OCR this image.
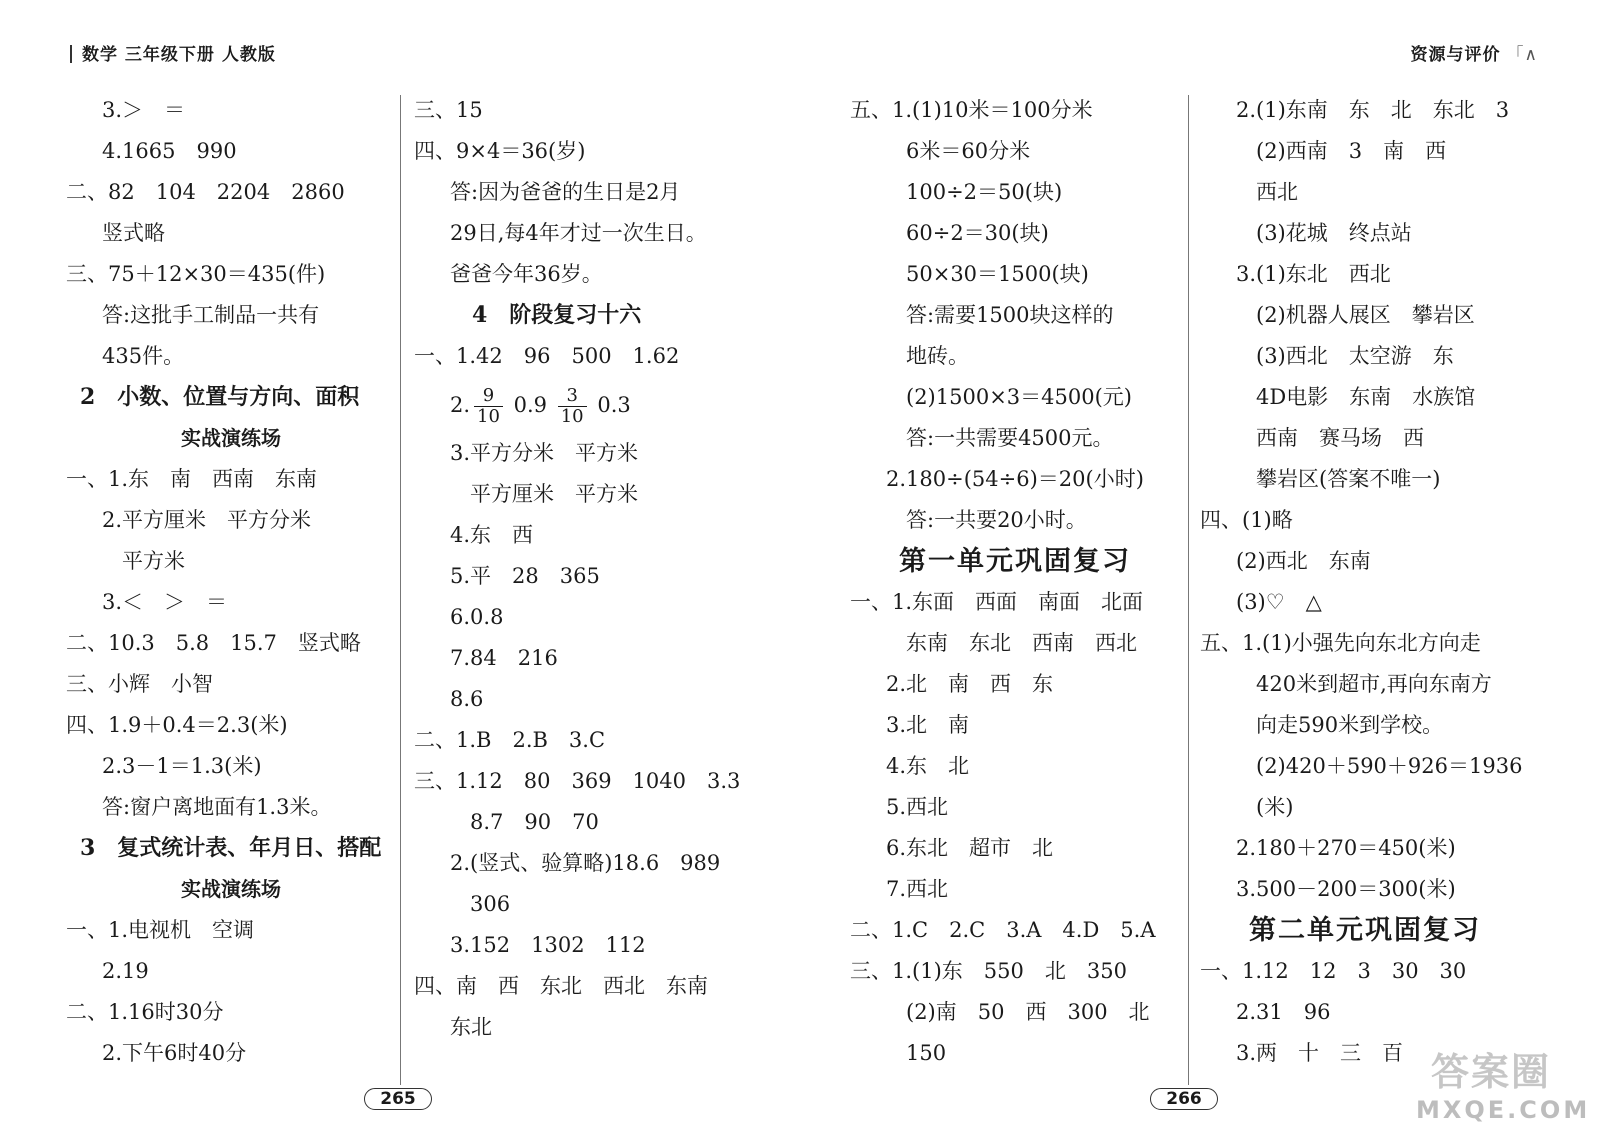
数学 三年级下册 人教版	资源与评价 「∧
3.＞　＝
4.1665　990
二、82　104　2204　2860
竖式略
三、75＋12×30＝435(件)
答:这批手工制品一共有
435件。
2　小数、位置与方向、面积
实战演练场
一、1.东　南　西南　东南
2.平方厘米　平方分米
平方米
3.＜　＞　＝
二、10.3　5.8　15.7　竖式略
三、小辉　小智
四、1.9＋0.4＝2.3(米)
2.3－1＝1.3(米)
答:窗户离地面有1.3米。
3　复式统计表、年月日、搭配
实战演练场
一、1.电视机　空调
2.19
二、1.16时30分
2.下午6时40分
三、15
四、9×4＝36(岁)
答:因为爸爸的生日是2月
29日,每4年才过一次生日。
爸爸今年36岁。
4　阶段复习十六
一、1.42　96　500　1.62
2. $\frac{9}{10} 0.9 \frac{3}{10} 0.3$
3.平方分米　平方米
平方厘米　平方米
4.东　西
5.平　28　365
6.0.8
7.84　216
8.6
二、1.B　2.B　3.C
三、1.12　80　369　1040　3.3
8.7　90　70
2.(竖式、验算略)18.6　989
306
3.152　1302　112
四、南　西　东北　西北　东南
东北
五、1.(1)10米＝100分米
6米＝60分米
100÷2＝50(块)
60÷2＝30(块)
50×30＝1500(块)
答:需要1500块这样的
地砖。
(2)1500×3＝4500(元)
答:一共需要4500元。
2.180÷(54÷6)＝20(小时)
答:一共要20小时。
第一单元巩固复习
一、1.东面　西面　南面　北面
东南　东北　西南　西北
2.北　南　西　东
3.北　南
4.东　北
5.西北
6.东北　超市　北
7.西北
二、1.C　2.C　3.A　4.D　5.A
三、1.(1)东　550　北　350
(2)南　50　西　300　北
150
2.(1)东南　东　北　东北　3
(2)西南　3　南　西
西北
(3)花城　终点站
3.(1)东北　西北
(2)机器人展区　攀岩区
(3)西北　太空游　东
4D电影　东南　水族馆
西南　赛马场　西
攀岩区(答案不唯一)
四、(1)略
(2)西北　东南
(3)♡　△
五、1.(1)小强先向东北方向走
420米到超市,再向东南方
向走590米到学校。
(2)420＋590＋926＝1936
(米)
2.180＋270＝450(米)
3.500－200＝300(米)
第二单元巩固复习
一、1.12　12　3　30　30
2.31　96
3.两　十　三　百
265	266
答案圈
MXQE.COM
